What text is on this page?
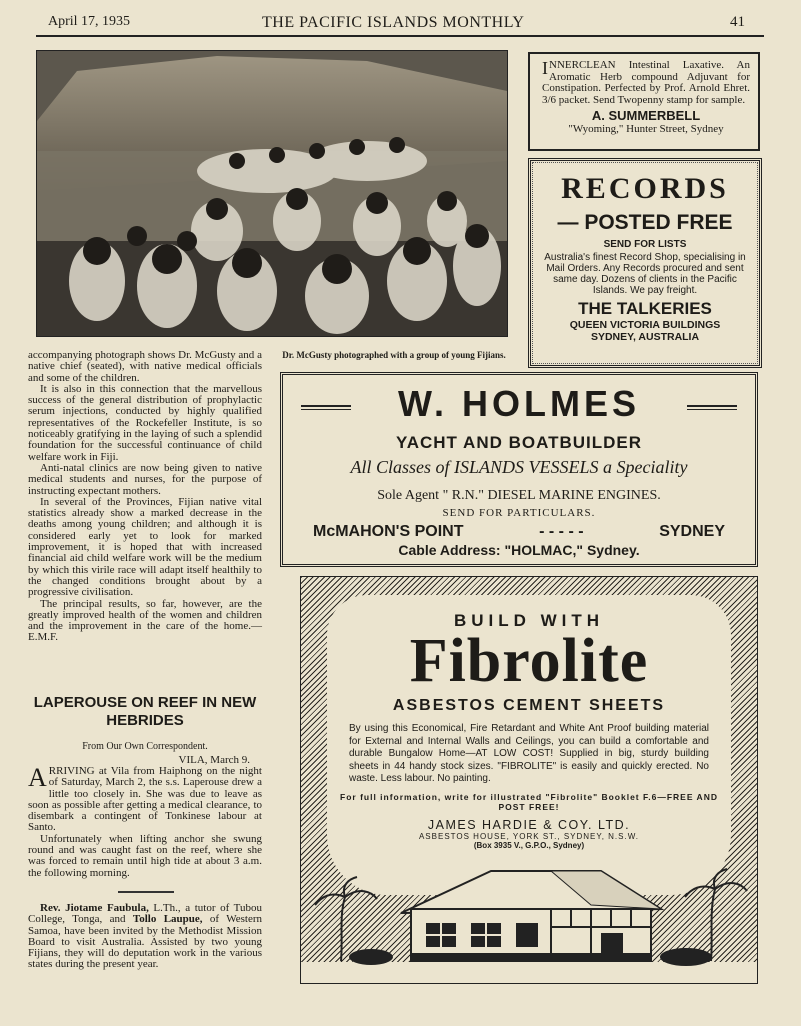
April 17, 1935	THE PACIFIC ISLANDS MONTHLY	41
Dr. McGusty photographed with a group of young Fijians.

accompanying photograph shows Dr. McGusty and a native chief (seated), with native medical officials and some of the children.

It is also in this connection that the marvellous success of the general distribution of prophylactic serum injections, conducted by highly qualified representatives of the Rockefeller Institute, is so noticeably gratifying in the laying of such a splendid foundation for the successful continuance of child welfare work in Fiji.

Anti-natal clinics are now being given to native medical students and nurses, for the purpose of instructing expectant mothers.

In several of the Provinces, Fijian native vital statistics already show a marked decrease in the deaths among young children; and although it is considered early yet to look for marked improvement, it is hoped that with increased financial aid child welfare work will be the medium by which this virile race will adapt itself healthily to the changed conditions brought about by a progressive civilisation.

The principal results, so far, however, are the greatly improved health of the women and children and the improvement in the care of the home.—E.M.F.

LAPEROUSE ON REEF IN NEW HEBRIDES
From Our Own Correspondent.
VILA, March 9.

ARRIVING at Vila from Haiphong on the night of Saturday, March 2, the s.s. Laperouse drew a little too closely in. She was due to leave as soon as possible after getting a medical clearance, to disembark a contingent of Tonkinese labour at Santo.

Unfortunately when lifting anchor she swung round and was caught fast on the reef, where she was forced to remain until high tide at about 3 a.m. the following morning.

Rev. Jiotame Faubula, L.Th., a tutor of Tubou College, Tonga, and Tollo Laupue, of Western Samoa, have been invited by the Methodist Mission Board to visit Australia. Assisted by two young Fijians, they will do deputation work in the various states during the present year.

INNERCLEAN Intestinal Laxative. An Aromatic Herb compound Adjuvant for Constipation. Perfected by Prof. Arnold Ehret. 3/6 packet. Send Twopenny stamp for sample.
A. SUMMERBELL
"Wyoming," Hunter Street, Sydney
RECORDS
— POSTED FREE
SEND FOR LISTS
Australia's finest Record Shop, specialising in Mail Orders. Any Records procured and sent same day. Dozens of clients in the Pacific Islands. We pay freight.
THE TALKERIES
QUEEN VICTORIA BUILDINGS
SYDNEY, AUSTRALIA
W. HOLMES
YACHT AND BOATBUILDER
All Classes of ISLANDS VESSELS a Speciality
Sole Agent " R.N." DIESEL MARINE ENGINES.
SEND FOR PARTICULARS.
McMAHON'S POINT	- - - - -	SYDNEY
Cable Address: "HOLMAC," Sydney.
BUILD WITH
Fibrolite
ASBESTOS CEMENT SHEETS
By using this Economical, Fire Retardant and White Ant Proof building material for External and Internal Walls and Ceilings, you can build a comfortable and durable Bungalow Home—AT LOW COST! Supplied in big, sturdy building sheets in 44 handy stock sizes. "FIBROLITE" is easily and quickly erected. No waste. Less labour. No painting.
For full information, write for illustrated "Fibrolite" Booklet F.6—FREE AND POST FREE!
JAMES HARDIE & COY. LTD.
ASBESTOS HOUSE, YORK ST., SYDNEY, N.S.W.
(Box 3935 V., G.P.O., Sydney)
